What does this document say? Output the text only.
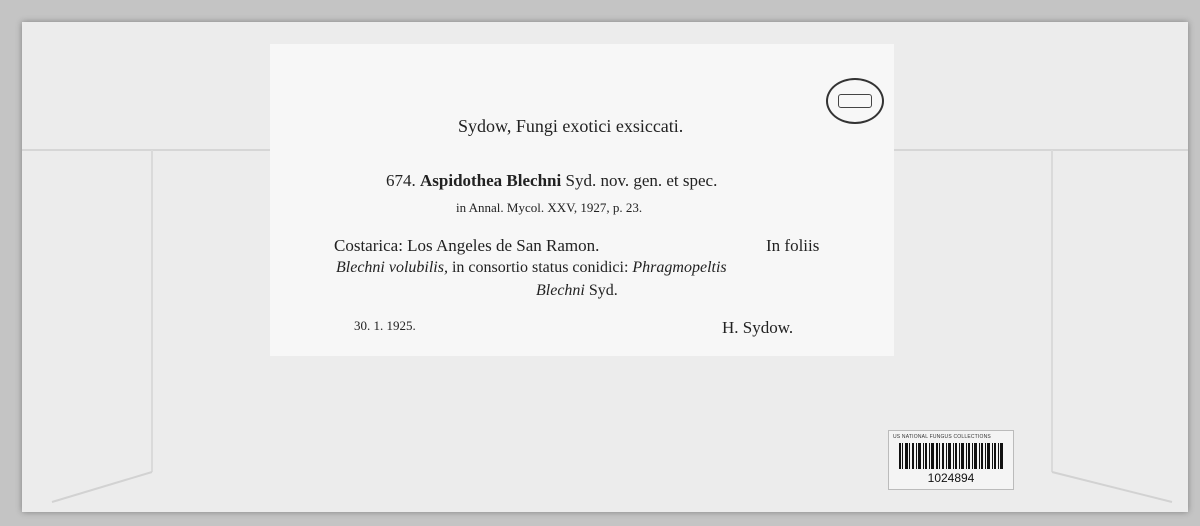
Sydow, Fungi exotici exsiccati.
674. Aspidothea Blechni Syd. nov. gen. et spec.
in Annal. Mycol. XXV, 1927, p. 23.
Costarica: Los Angeles de San Ramon.	In foliis
Blechni volubilis, in consortio status conidici: Phragmopeltis
Blechni Syd.
30. 1. 1925.	H. Sydow.
US NATIONAL FUNGUS COLLECTIONS
1024894
